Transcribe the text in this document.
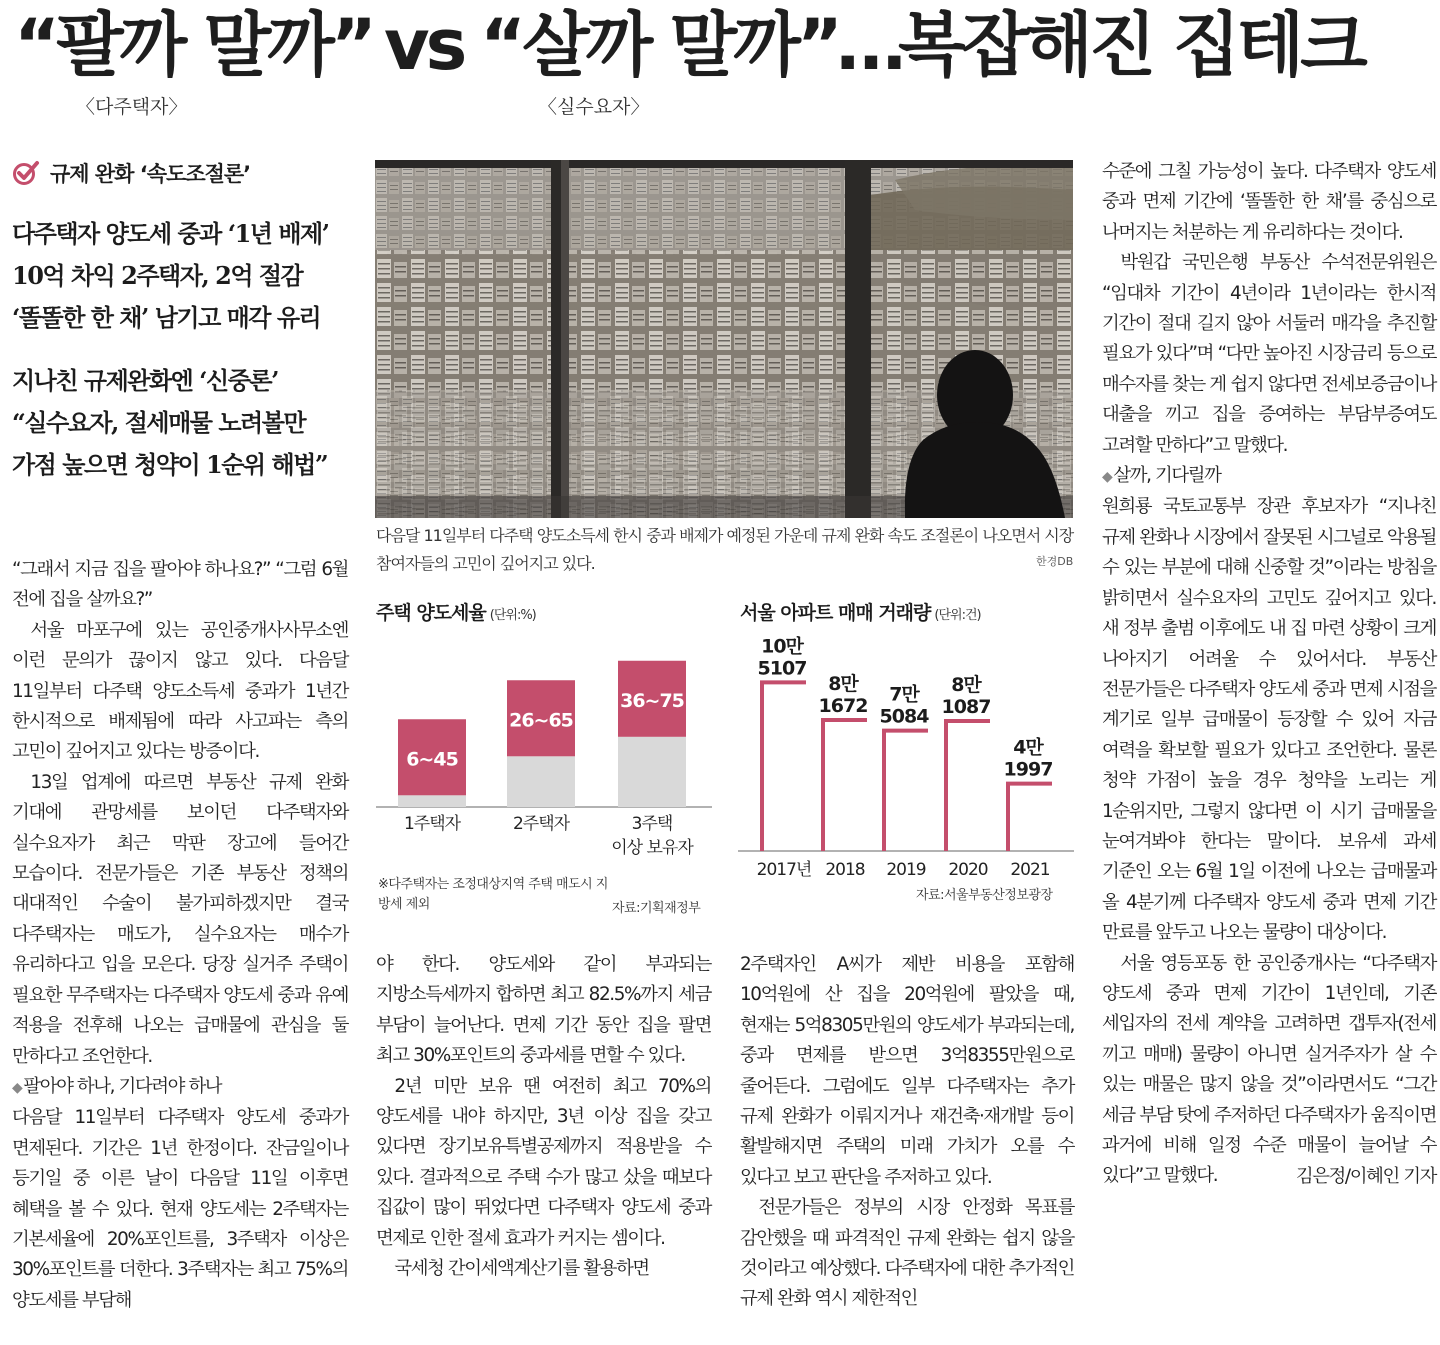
“팔까 말까” vs “살까 말까”
…
복잡해진 집테크
〈다주택자〉	〈실수요자〉
규제 완화 ‘속도조절론’
다주택자 양도세 중과 ‘1년 배제’
10억 차익 2주택자, 2억 절감
‘똘똘한 한 채’ 남기고 매각 유리
지나친 규제완화엔 ‘신중론’
“실수요자, 절세매물 노려볼만
가점 높으면 청약이 1순위 해법”
다음달 11일부터 다주택 양도소득세 한시 중과 배제가 예정된 가운데 규제 완화 속도 조절론이 나오면서 시장 참여자들의 고민이 깊어지고 있다.	한경DB
주택 양도세율 (단위:%)
6~45
1주택자
26~65
2주택자
36~75
3주택
이상 보유자
※다주택자는 조정대상지역 주택 매도시 지방세 제외	자료:기획재정부
서울 아파트 매매 거래량 (단위:건)
10만
5107
2017년
8만
1672
2018
7만
5084
2019
8만
1087
2020
4만
1997
2021
자료:서울부동산정보광장

“그래서 지금 집을 팔아야 하나요?” “그럼 6월 전에 집을 살까요?”

서울 마포구에 있는 공인중개사사무소엔 이런 문의가 끊이지 않고 있다. 다음달 11일부터 다주택 양도소득세 중과가 1년간 한시적으로 배제됨에 따라 사고파는 측의 고민이 깊어지고 있다는 방증이다.

13일 업계에 따르면 부동산 규제 완화 기대에 관망세를 보이던 다주택자와 실수요자가 최근 막판 장고에 들어간 모습이다. 전문가들은 기존 부동산 정책의 대대적인 수술이 불가피하겠지만 결국 다주택자는 매도가, 실수요자는 매수가 유리하다고 입을 모은다. 당장 실거주 주택이 필요한 무주택자는 다주택자 양도세 중과 유예 적용을 전후해 나오는 급매물에 관심을 둘 만하다고 조언한다.

◆ 팔아야 하나, 기다려야 하나

다음달 11일부터 다주택자 양도세 중과가 면제된다. 기간은 1년 한정이다. 잔금일이나 등기일 중 이른 날이 다음달 11일 이후면 혜택을 볼 수 있다. 현재 양도세는 2주택자는 기본세율에 20%포인트를, 3주택자 이상은 30%포인트를 더한다. 3주택자는 최고 75%의 양도세를 부담해

야 한다. 양도세와 같이 부과되는 지방소득세까지 합하면 최고 82.5%까지 세금 부담이 늘어난다. 면제 기간 동안 집을 팔면 최고 30%포인트의 중과세를 면할 수 있다.

2년 미만 보유 땐 여전히 최고 70%의 양도세를 내야 하지만, 3년 이상 집을 갖고 있다면 장기보유특별공제까지 적용받을 수 있다. 결과적으로 주택 수가 많고 샀을 때보다 집값이 많이 뛰었다면 다주택자 양도세 중과 면제로 인한 절세 효과가 커지는 셈이다.

국세청 간이세액계산기를 활용하면

2주택자인 A씨가 제반 비용을 포함해 10억원에 산 집을 20억원에 팔았을 때, 현재는 5억8305만원의 양도세가 부과되는데, 중과 면제를 받으면 3억8355만원으로 줄어든다. 그럼에도 일부 다주택자는 추가 규제 완화가 이뤄지거나 재건축·재개발 등이 활발해지면 주택의 미래 가치가 오를 수 있다고 보고 판단을 주저하고 있다.

전문가들은 정부의 시장 안정화 목표를 감안했을 때 파격적인 규제 완화는 쉽지 않을 것이라고 예상했다. 다주택자에 대한 추가적인 규제 완화 역시 제한적인

수준에 그칠 가능성이 높다. 다주택자 양도세 중과 면제 기간에 ‘똘똘한 한 채’를 중심으로 나머지는 처분하는 게 유리하다는 것이다.

박원갑 국민은행 부동산 수석전문위원은 “임대차 기간이 4년이라 1년이라는 한시적 기간이 절대 길지 않아 서둘러 매각을 추진할 필요가 있다”며 “다만 높아진 시장금리 등으로 매수자를 찾는 게 쉽지 않다면 전세보증금이나 대출을 끼고 집을 증여하는 부담부증여도 고려할 만하다”고 말했다.

◆ 살까, 기다릴까

원희룡 국토교통부 장관 후보자가 “지나친 규제 완화나 시장에서 잘못된 시그널로 악용될 수 있는 부분에 대해 신중할 것”이라는 방침을 밝히면서 실수요자의 고민도 깊어지고 있다. 새 정부 출범 이후에도 내 집 마련 상황이 크게 나아지기 어려울 수 있어서다. 부동산 전문가들은 다주택자 양도세 중과 면제 시점을 계기로 일부 급매물이 등장할 수 있어 자금 여력을 확보할 필요가 있다고 조언한다. 물론 청약 가점이 높을 경우 청약을 노리는 게 1순위지만, 그렇지 않다면 이 시기 급매물을 눈여겨봐야 한다는 말이다. 보유세 과세 기준인 오는 6월 1일 이전에 나오는 급매물과 올 4분기께 다주택자 양도세 중과 면제 기간 만료를 앞두고 나오는 물량이 대상이다.

서울 영등포동 한 공인중개사는 “다주택자 양도세 중과 면제 기간이 1년인데, 기존 세입자의 전세 계약을 고려하면 갭투자(전세 끼고 매매) 물량이 아니면 실거주자가 살 수 있는 매물은 많지 않을 것”이라면서도 “그간 세금 부담 탓에 주저하던 다주택자가 움직이면 과거에 비해 일정 수준 매물이 늘어날 수 있다”고 말했다.	김은정/이혜인 기자
